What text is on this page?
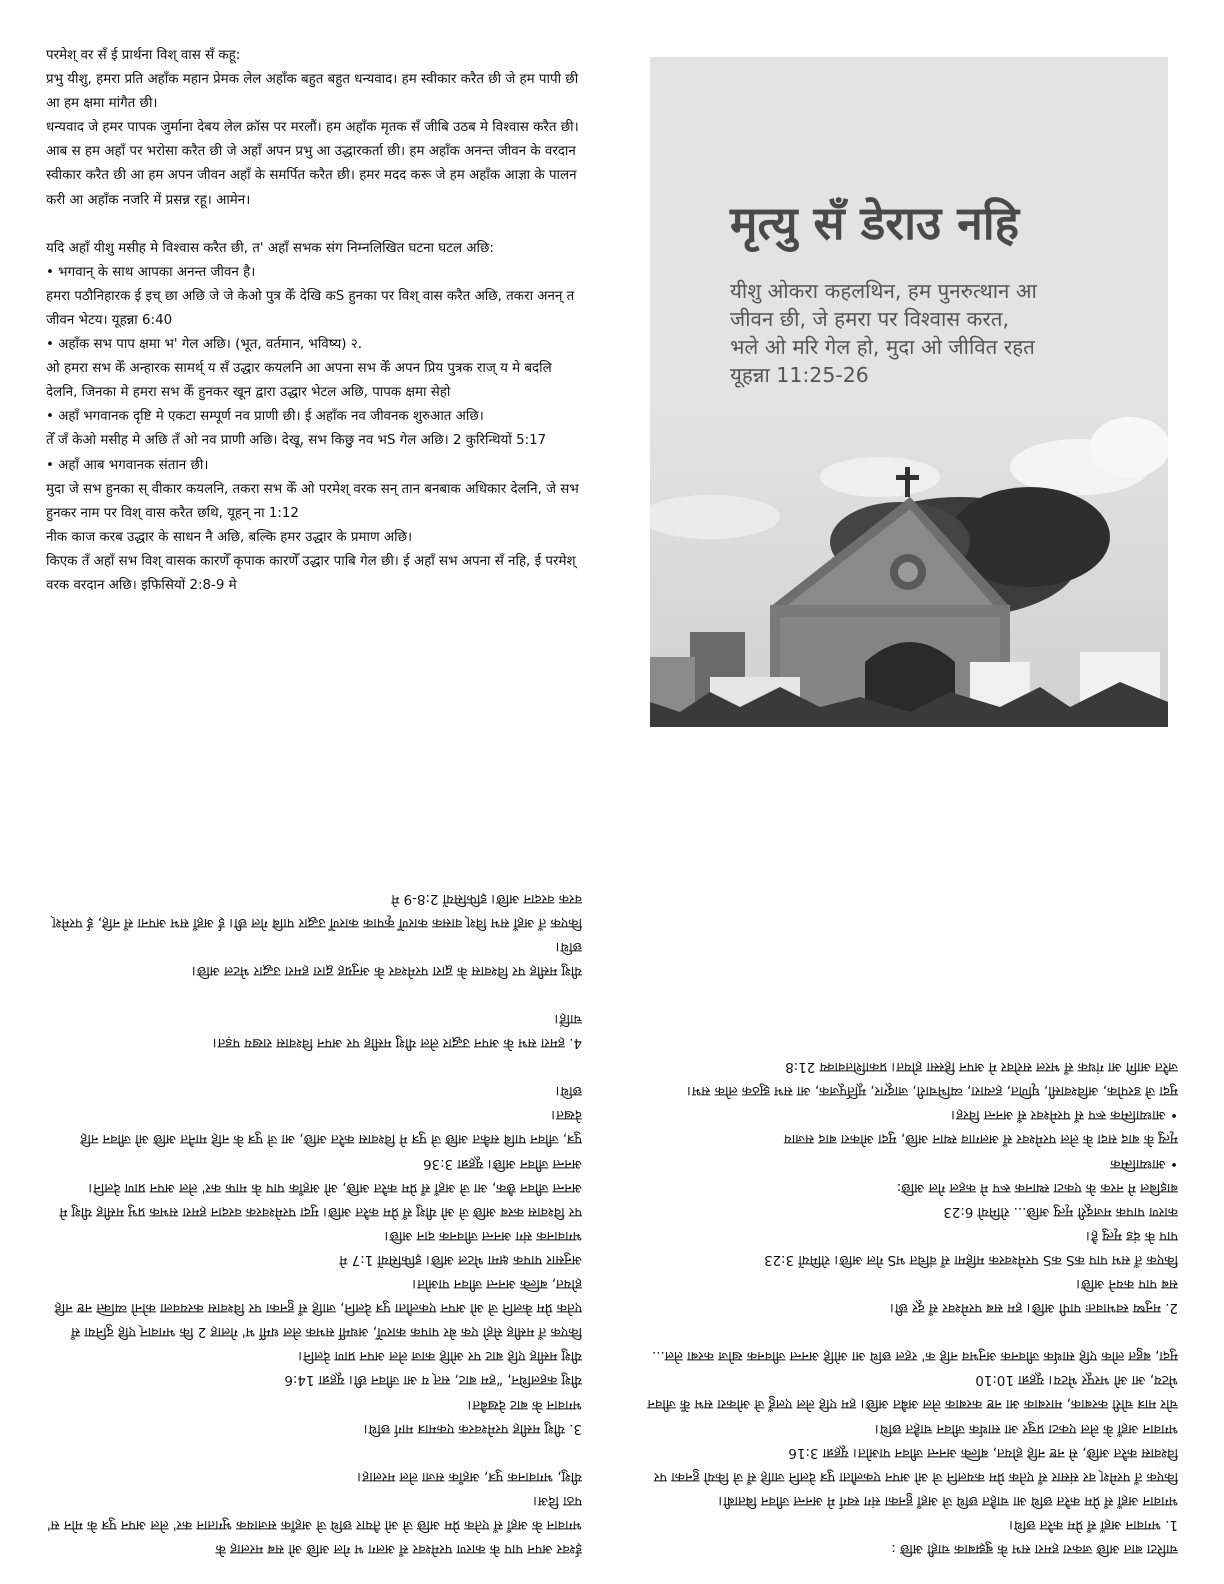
परमेश् वर सँ ई प्रार्थना विश् वास सँ कहू:

प्रभु यीशु, हमरा प्रति अहाँक महान प्रेमक लेल अहाँक बहुत बहुत धन्यवाद। हम स्वीकार करैत छी जे हम पापी छी आ हम क्षमा मांगैत छी।

धन्यवाद जे हमर पापक जुर्माना देबय लेल क्रॉस पर मरलौं। हम अहाँक मृतक सँ जीबि उठब मे विश्वास करैत छी। आब स हम अहाँ पर भरोसा करैत छी जे अहाँ अपन प्रभु आ उद्धारकर्ता छी। हम अहाँक अनन्त जीवन के वरदान स्वीकार करैत छी आ हम अपन जीवन अहाँ के समर्पित करैत छी। हमर मदद करू जे हम अहाँक आज्ञा के पालन करी आ अहाँक नजरि में प्रसन्न रहू। आमेन।

यदि अहाँ यीशु मसीह मे विश्वास करैत छी, त' अहाँ सभक संग निम्नलिखित घटना घटल अछि:

• भगवान् के साथ आपका अनन्त जीवन है।

हमरा पठौनिहारक ई इच् छा अछि जे जे केओ पुत्र केँ देखि कS हुनका पर विश् वास करैत अछि, तकरा अनन् त जीवन भेटय। यूहन्ना 6:40

• अहाँक सभ पाप क्षमा भ' गेल अछि। (भूत, वर्तमान, भविष्य) २.

ओ हमरा सभ केँ अन्हारक सामर्थ् य सँ उद्धार कयलनि आ अपना सभ केँ अपन प्रिय पुत्रक राज् य मे बदलि देलनि, जिनका मे हमरा सभ केँ हुनकर खून द्वारा उद्धार भेटल अछि, पापक क्षमा सेहो

• अहाँ भगवानक दृष्टि मे एकटा सम्पूर्ण नव प्राणी छी। ई अहाँक नव जीवनक शुरुआत अछि।

तेँ जँ केओ मसीह मे अछि तँ ओ नव प्राणी अछि। देखू, सभ किछु नव भS गेल अछि। 2 कुरिन्थियों 5:17

• अहाँ आब भगवानक संतान छी।

मुदा जे सभ हुनका स् वीकार कयलनि, तकरा सभ केँ ओ परमेश् वरक सन् तान बनबाक अधिकार देलनि, जे सभ हुनकर नाम पर विश् वास करैत छथि, यूहन् ना 1:12

नीक काज करब उद्धार के साधन नै अछि, बल्कि हमर उद्धार के प्रमाण अछि।

किएक तँ अहाँ सभ विश् वासक कारणेँ कृपाक कारणेँ उद्धार पाबि गेल छी। ई अहाँ सभ अपना सँ नहि, ई परमेश् वरक वरदान अछि। इफिसियों 2:8-9 मे

मृत्यु सँ डेराउ नहि
यीशु ओकरा कहलथिन, हम पुनरुत्थान आ
जीवन छी, जे हमरा पर विश्वास करत,
भले ओ मरि गेल हो, मुदा ओ जीवित रहत
यूहन्ना 11:25-26

ईश्वर अपन पाप के कारण परमेश्वर सँ अलग भ गेल अछि ओ सब मरलाह के

भगवान के अहाँ सँ एतेक प्रेम अछि जे ओ तैयार छथि जे अहाँक सजायक भुगतान कर' लेल अपन पुत्र के मोन स' पठा दिअ।

यीशु, भगवानक पुत्र, अहाँक सजा लेल मरलाह।

3. यीशु मसीह परमेश्वरक एकमात्र मार्ग छथि।

भगवान के बाट देखबैत।

यीशु कहलथिन, “हम बाट, सत् य आ जीवन छी। यूहन्ना 14:6

यीशु मसीह एहि बाट पर ओहि काज लेल अपन प्राण देलनि।

किएक तँ मसीह सेहो एक बेर पापक कारणेँ, अधर्मी सभक लेल धर्मी भ' गेलाह 2 कि भगवान् एहि दुनिया सँ एतेक प्रेम केलनि जे ओ अपन एकलौता पुत्र देलनि, जाहि सँ हुनका पर विश्वास करयवला कोनो व्यक्ति नष्ट नहि होयत, बल्कि अनन्त जीवन पाओत।

अनुसार पापक क्षमा भेटल अछि। इफिसियों 1:7 मे

भगवानक संग अनन्त जीवनक दान अछि।

पर विश्वास करब अछि जे ओ यीशु सँ प्रेम करैत अछि। मुदा परमेश्वरक वरदान हमरा सभक प्रभु मसीह यीशु मे अनन्त जीवन छैक, आ जे अहाँ सँ प्रेम करैत अछि, ओ अहाँक पाप के माफ कर' लेल अपन प्राण देलनि।

अनन्त जीवन अछि। यूहन्ना 3:36

पुत्र, जीवन पाबि सकैत अछि जे पुत्र मे विश्वास करैत अछि, आ जे पुत्र के नहि मानैत अछि ओ जीवन नहि देखत।

छथि।

4. हमरा सभ के अपन उद्धार लेल यीशु मसीह पर अपन विश्वास राखय पड़त।

चाहिं।

यीशु मसीह पर विश्वास के द्वारा परमेश्वर के अनुग्रह द्वारा हमरा उद्धार भेटल अछि।

छथि।

किएक तँ अहाँ सभ विश् वासक कारणेँ कृपाक कारणेँ उद्धार पाबि गेल छी। ई अहाँ सभ अपना सँ नहि, ई परमेश् वरक वरदान अछि। इफिसियों 2:8-9 मे

चारिटा बात अछि जकरा हमरा सभ के बुझबाक चाही अछि :

1. भगवान अहाँ सँ प्रेम करैत छथि।

भगवान अहाँ सँ प्रेम करैत छथि आ चाहैत छथि जे अहाँ हुनका संग स्वर्ग मे अनन्त जीवन बिताबी।

किएक तँ परमेश् वर संसार सँ एतेक प्रेम कयलनि जे ओ अपन एकलौता पुत्र देलनि जाहि सँ जे कियो हुनका पर विश्वास करैत अछि, से नष्ट नहि होयत, बल्कि अनन्त जीवन पाओत। यूहन्ना 3:16

भगवान अहाँ के लेल एकटा प्रचुर आ सार्थक जीवन चाहैत छथि।

चोर मात्र चोरी करबाक, मारबाक आ नष्ट करबाक लेल अबैत अछि। हम एहि लेल एलहुँ जे ओकरा सभ केँ जीवन भेटय, आ ओ भरपूर भेटय। यूहन्ना 10:10

मुदा, बहुत लोक एहि सार्थक जीवनक अनुभव नहि क' रहल छथि आ ओहि अनन्त जीवनक खोज करबा लेल...

2. मनुष्य स्वभावतः पापी अछि। हम सब परमेश्वर सँ दूर छी।

सब पाप कयने अछि।

किएक तँ सभ पाप कS कS परमेश्वरक महिमा सँ वंचित भS गेल अछि। रोमियों 3:23

पाप के दंड मृत्यु है।

कारण पापक मजदूरी मृत्यु अछि... रोमियो 6:23

बाइबिल मे नरक के एकटा स्थानक रूप मे कहल गेल अछि:

• आध्यात्मिक

मृत्यु के बाद सदा के लेल परमेश्वर सँ अलगाव स्थान अछि, मुदा ओकरा बाद सजाय

• आध्यात्मिक रूप सँ परमेश्वर सँ अनन्त विरह।

मुदा जे डरपोक, अविश्वासी, घृणित, हत्यारा, व्यभिचारी, जादूगर, मूर्तिपूजक, आ सभ झुठक लोक सभ।

जरैत आगि आ गंधक सँ भरल सरोवर मे अपन हिस्सा होयत। प्रकाशितवाक्य 21:8
